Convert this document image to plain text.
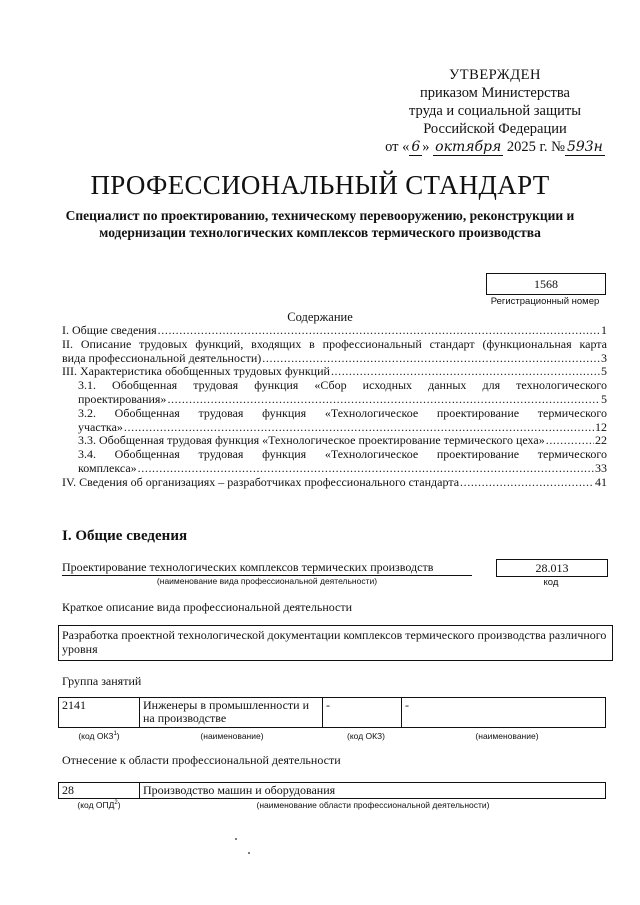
УТВЕРЖДЕН
приказом Министерства
труда и социальной защиты
Российской Федерации
от « 6 » октября 2025 г. № 593н
ПРОФЕССИОНАЛЬНЫЙ СТАНДАРТ
Специалист по проектированию, техническому перевооружению, реконструкции и модернизации технологических комплексов термического производства
1568
Регистрационный номер
Содержание
I. Общие сведения .....	1
II. Описание трудовых функций, входящих в профессиональный стандарт (функциональная карта
вида профессиональной деятельности) .....	3
III. Характеристика обобщенных трудовых функций .....	5
3.1. Обобщенная трудовая функция «Сбор исходных данных для технологического
проектирования» .....	5
3.2. Обобщенная трудовая функция «Технологическое проектирование термического
участка» .....	12
3.3. Обобщенная трудовая функция «Технологическое проектирование термического цеха» .....	22
3.4. Обобщенная трудовая функция «Технологическое проектирование термического
комплекса» .....	33
IV. Сведения об организациях – разработчиках профессионального стандарта .....	41
I. Общие сведения
Проектирование технологических комплексов термических производств
(наименование вида профессиональной деятельности)
28.013
код
Краткое описание вида профессиональной деятельности
Разработка проектной технологической документации комплексов термического производства различного уровня
Группа занятий
2141	Инженеры в промышленности и на производстве	-	-
(код ОКЗ$^1$)	(наименование)	(код ОКЗ)	(наименование)
Отнесение к области профессиональной деятельности
28	Производство машин и оборудования
(код ОПД$^2$)	(наименование области профессиональной деятельности)
